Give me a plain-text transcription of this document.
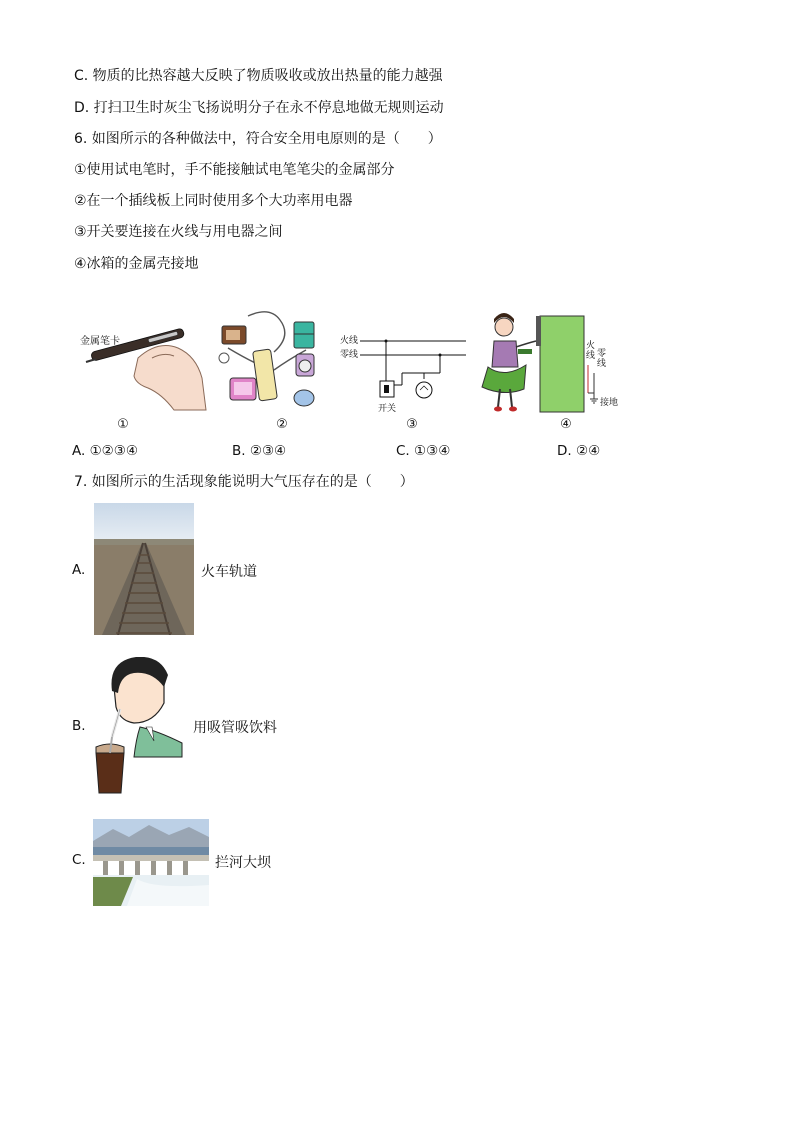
C. 物质的比热容越大反映了物质吸收或放出热量的能力越强
D. 打扫卫生时灰尘飞扬说明分子在永不停息地做无规则运动
6. 如图所示的各种做法中，符合安全用电原则的是（　　）
①使用试电笔时，手不能接触试电笔笔尖的金属部分
②在一个插线板上同时使用多个大功率用电器
③开关要连接在火线与用电器之间
④冰箱的金属壳接地
金属笔卡	火线
零线
开关
火线 零线
接地
①	②	③	④
A. ①②③④	B. ②③④	C. ①③④	D. ②④
7. 如图所示的生活现象能说明大气压存在的是（　　）
A.	火车轨道
B.	用吸管吸饮料
C.	拦河大坝
